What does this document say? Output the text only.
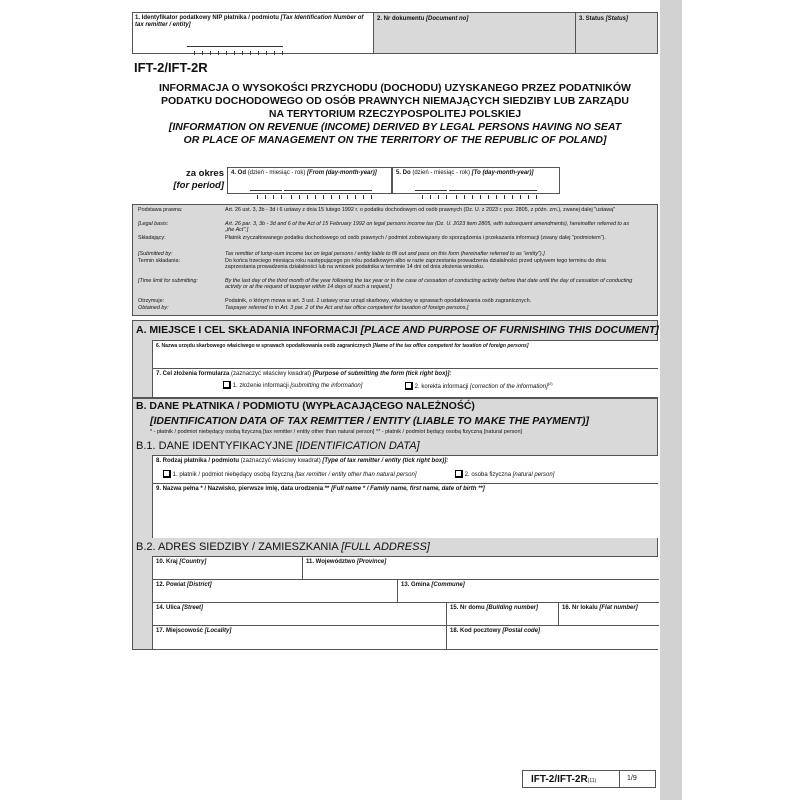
1. Identyfikator podatkowy NIP płatnika / podmiotu [Tax Identification Number of tax remitter / entity]
2. Nr dokumentu [Document no]	3. Status [Status]
IFT-2/IFT-2R
INFORMACJA O WYSOKOŚCI PRZYCHODU (DOCHODU) UZYSKANEGO PRZEZ PODATNIKÓW
PODATKU DOCHODOWEGO OD OSÓB PRAWNYCH NIEMAJĄCYCH SIEDZIBY LUB ZARZĄDU
NA TERYTORIUM RZECZYPOSPOLITEJ POLSKIEJ
[INFORMATION ON REVENUE (INCOME) DERIVED BY LEGAL PERSONS HAVING NO SEAT
OR PLACE OF MANAGEMENT ON THE TERRITORY OF THE REPUBLIC OF POLAND]
za okres
[for period]
4. Od (dzień - miesiąc - rok) [From (day-month-year)]	5. Do (dzień - miesiąc - rok) [To (day-month-year)]
Podstawa prawna:	Art. 26 ust. 3, 3b - 3d i 6 ustawy z dnia 15 lutego 1992 r. o podatku dochodowym od osób prawnych (Dz. U. z 2023 r. poz. 2805, z późn. zm.), zwanej dalej "ustawą"
[Legal basis:	Art. 26 par. 3, 3b - 3d and 6 of the Act of 15 February 1992 on legal persons income tax (Dz. U. 2023 item 2805, with subsequent amendments), hereinafter referred to as „the Act".]
Składający:	Płatnik zryczałtowanego podatku dochodowego od osób prawnych / podmiot zobowiązany do sporządzenia i przekazania informacji (zwany dalej "podmiotem").
[Submitted by:	Tax remitter of lump-sum income tax on legal persons / entity liable to fill out and pass on this form (hereinafter referred to as "entity").]
Termin składania:	Do końca trzeciego miesiąca roku następującego po roku podatkowym albo w razie zaprzestania prowadzenia działalności przed upływem tego terminu do dnia zaprzestania prowadzenia działalności lub na wniosek podatnika w terminie 14 dni od dnia złożenia wniosku.
[Time limit for submitting:	By the last day of the third month of the year following the tax year or in the case of cessation of conducting activity before that date until the day of cessation of conducting activity or at the request of taxpayer within 14 days of such a request.]
Otrzymuje:	Podatnik, o którym mowa w art. 3 ust. 2 ustawy oraz urząd skarbowy, właściwy w sprawach opodatkowania osób zagranicznych.
Obtained by:	Taxpayer referred to in Art. 3 par. 2 of the Act and tax office competent for taxation of foreign persons.]
A. MIEJSCE I CEL SKŁADANIA INFORMACJI [PLACE AND PURPOSE OF FURNISHING THIS DOCUMENT]
6. Nazwa urzędu skarbowego właściwego w sprawach opodatkowania osób zagranicznych [Name of the tax office competent for taxation of foreign persons]
7. Cel złożenia formularza (zaznaczyć właściwy kwadrat) [Purpose of submitting the form (tick right box)]:
1. złożenie informacji [submitting the information]	2. korekta informacji [correction of the information]$^{(2)}$
B. DANE PŁATNIKA / PODMIOTU (WYPŁACAJĄCEGO NALEŻNOŚĆ)
[IDENTIFICATION DATA OF TAX REMITTER / ENTITY (LIABLE TO MAKE THE PAYMENT)]
* - płatnik / podmiot niebędący osobą fizyczną [tax remitter / entity other than natural person] ** - płatnik / podmiot będący osobą fizyczną [natural person]
B.1. DANE IDENTYFIKACYJNE [IDENTIFICATION DATA]
8. Rodzaj płatnika / podmiotu (zaznaczyć właściwy kwadrat) [Type of tax remitter / entity (tick right box)]:
1. płatnik / podmiot niebędący osobą fizyczną [tax remitter / entity other than natural person]	2. osoba fizyczna [natural person]
9. Nazwa pełna * / Nazwisko, pierwsze imię, data urodzenia ** [Full name * / Family name, first name, date of birth **]
B.2. ADRES SIEDZIBY / ZAMIESZKANIA [FULL ADDRESS]
10. Kraj [Country]	11. Województwo [Province]
12. Powiat [District]	13. Gmina [Commune]
14. Ulica [Street]	15. Nr domu [Building number]	16. Nr lokalu [Flat number]
17. Miejscowość [Locality]	18. Kod pocztowy [Postal code]
IFT-2/IFT-2R(11)	1/9
